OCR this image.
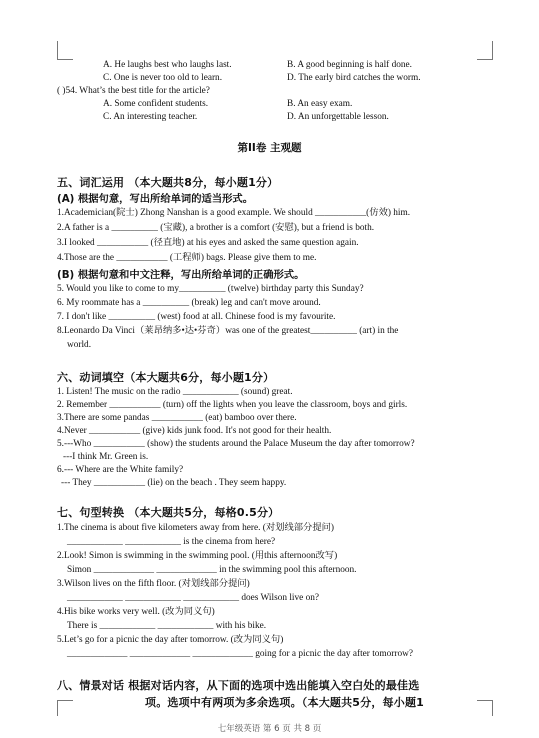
A. He laughs best who laughs last.	B. A good beginning is half done.
C. One is never too old to learn.	D. The early bird catches the worm.
( )54. What’s the best title for the article?
A. Some confident students.	B. An easy exam.
C. An interesting teacher.	D. An unforgettable lesson.
第II卷 主观题
五、词汇运用 （本大题共8分，每小题1分）
(A) 根据句意，写出所给单词的适当形式。
1.Academician(院士) Zhong Nanshan is a good example. We should ___________(仿效) him.
2.A father is a __________ (宝藏), a brother is a comfort (安慰), but a friend is both.
3.I looked ___________ (径直地) at his eyes and asked the same question again.
4.Those are the ___________ (工程师) bags. Please give them to me.
(B) 根据句意和中文注释，写出所给单词的正确形式。
5. Would you like to come to my__________ (twelve) birthday party this Sunday?
6. My roommate has a __________ (break) leg and can't move around.
7. I don't like __________ (west) food at all. Chinese food is my favourite.
8.Leonardo Da Vinci（莱昂纳多•达•芬奇）was one of the greatest__________ (art) in the
world.
六、动词填空（本大题共6分，每小题1分）
1. Listen! The music on the radio ____________ (sound) great.
2. Remember ___________ (turn) off the lights when you leave the classroom, boys and girls.
3.There are some pandas ___________ (eat) bamboo over there.
4.Never ___________ (give) kids junk food. It's not good for their health.
5.---Who ___________ (show) the students around the Palace Museum the day after tomorrow?
---I think Mr. Green is.
6.--- Where are the White family?
--- They ___________ (lie) on the beach . They seem happy.
七、句型转换 （本大题共5分，每格0.5分）
1.The cinema is about five kilometers away from here. (对划线部分提问)
____________ ____________ is the cinema from here?
2.Look! Simon is swimming in the swimming pool. (用this afternoon改写)
Simon _____________ _____________ in the swimming pool this afternoon.
3.Wilson lives on the fifth floor. (对划线部分提问)
____________ ____________ ____________ does Wilson live on?
4.His bike works very well. (改为同义句)
There is ____________ ____________ with his bike.
5.Let’s go for a picnic the day after tomorrow. (改为同义句)
_____________ _____________ _____________ going for a picnic the day after tomorrow?
八、情景对话 根据对话内容，从下面的选项中选出能填入空白处的最佳选
项。选项中有两项为多余选项。（本大题共5分，每小题1
七年级英语 第 6 页 共 8 页
